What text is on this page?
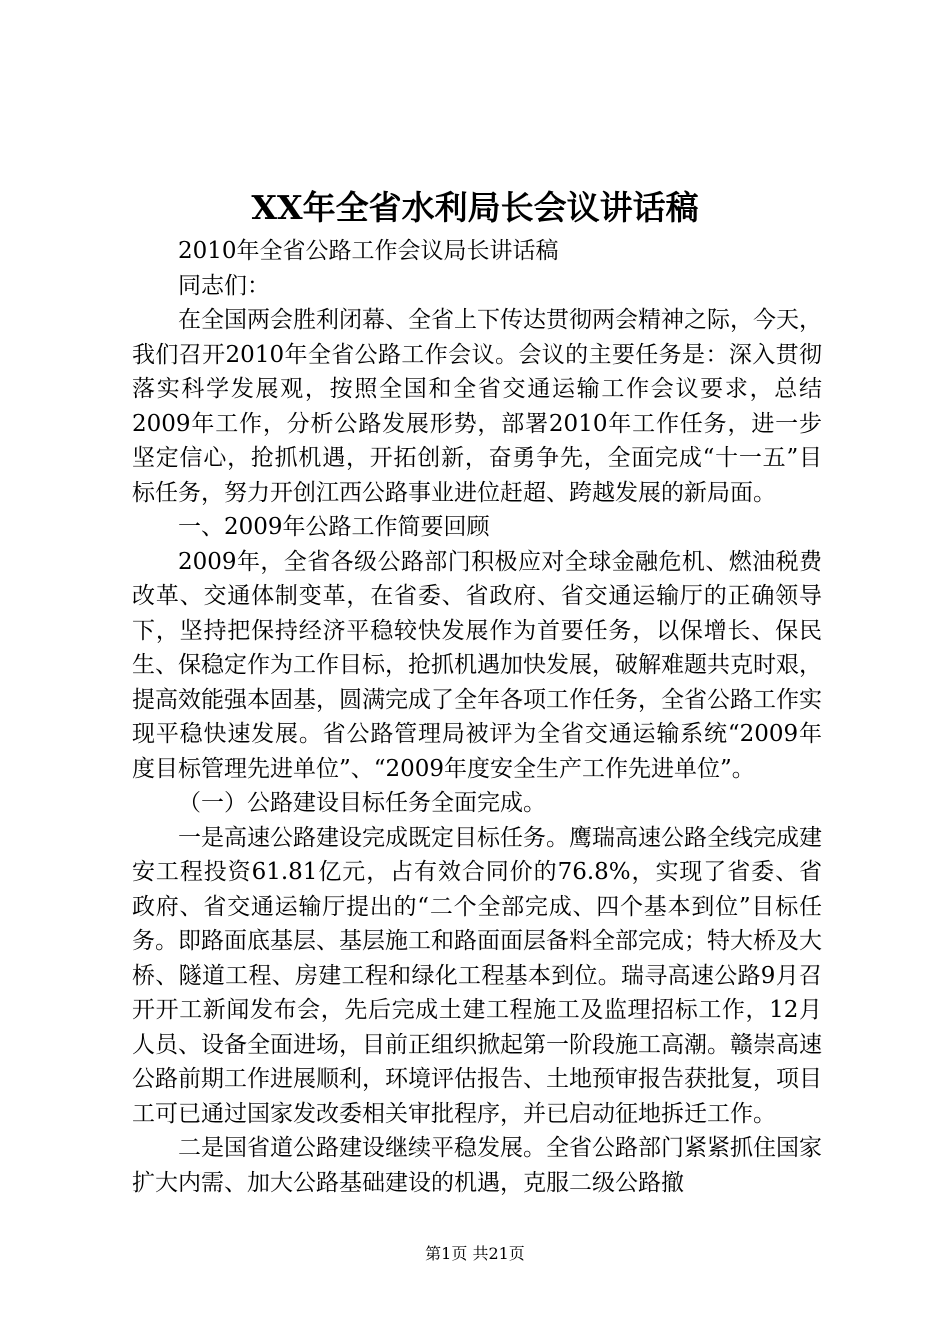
XX年全省水利局长会议讲话稿

2010年全省公路工作会议局长讲话稿

同志们：

在全国两会胜利闭幕、全省上下传达贯彻两会精神之际，今天，我们召开2010年全省公路工作会议。会议的主要任务是：深入贯彻落实科学发展观，按照全国和全省交通运输工作会议要求，总结2009年工作，分析公路发展形势，部署2010年工作任务，进一步坚定信心，抢抓机遇，开拓创新，奋勇争先，全面完成“十一五”目标任务，努力开创江西公路事业进位赶超、跨越发展的新局面。

一、2009年公路工作简要回顾

2009年，全省各级公路部门积极应对全球金融危机、燃油税费改革、交通体制变革，在省委、省政府、省交通运输厅的正确领导下，坚持把保持经济平稳较快发展作为首要任务，以保增长、保民生、保稳定作为工作目标，抢抓机遇加快发展，破解难题共克时艰，提高效能强本固基，圆满完成了全年各项工作任务，全省公路工作实现平稳快速发展。省公路管理局被评为全省交通运输系统“2009年度目标管理先进单位”、“2009年度安全生产工作先进单位”。

（一）公路建设目标任务全面完成。

一是高速公路建设完成既定目标任务。鹰瑞高速公路全线完成建安工程投资61.81亿元，占有效合同价的76.8%，实现了省委、省政府、省交通运输厅提出的“二个全部完成、四个基本到位”目标任务。即路面底基层、基层施工和路面面层备料全部完成；特大桥及大桥、隧道工程、房建工程和绿化工程基本到位。瑞寻高速公路9月召开开工新闻发布会，先后完成土建工程施工及监理招标工作，12月人员、设备全面进场，目前正组织掀起第一阶段施工高潮。赣崇高速公路前期工作进展顺利，环境评估报告、土地预审报告获批复，项目工可已通过国家发改委相关审批程序，并已启动征地拆迁工作。

二是国省道公路建设继续平稳发展。全省公路部门紧紧抓住国家扩大内需、加大公路基础建设的机遇，克服二级公路撤

第1页 共21页
